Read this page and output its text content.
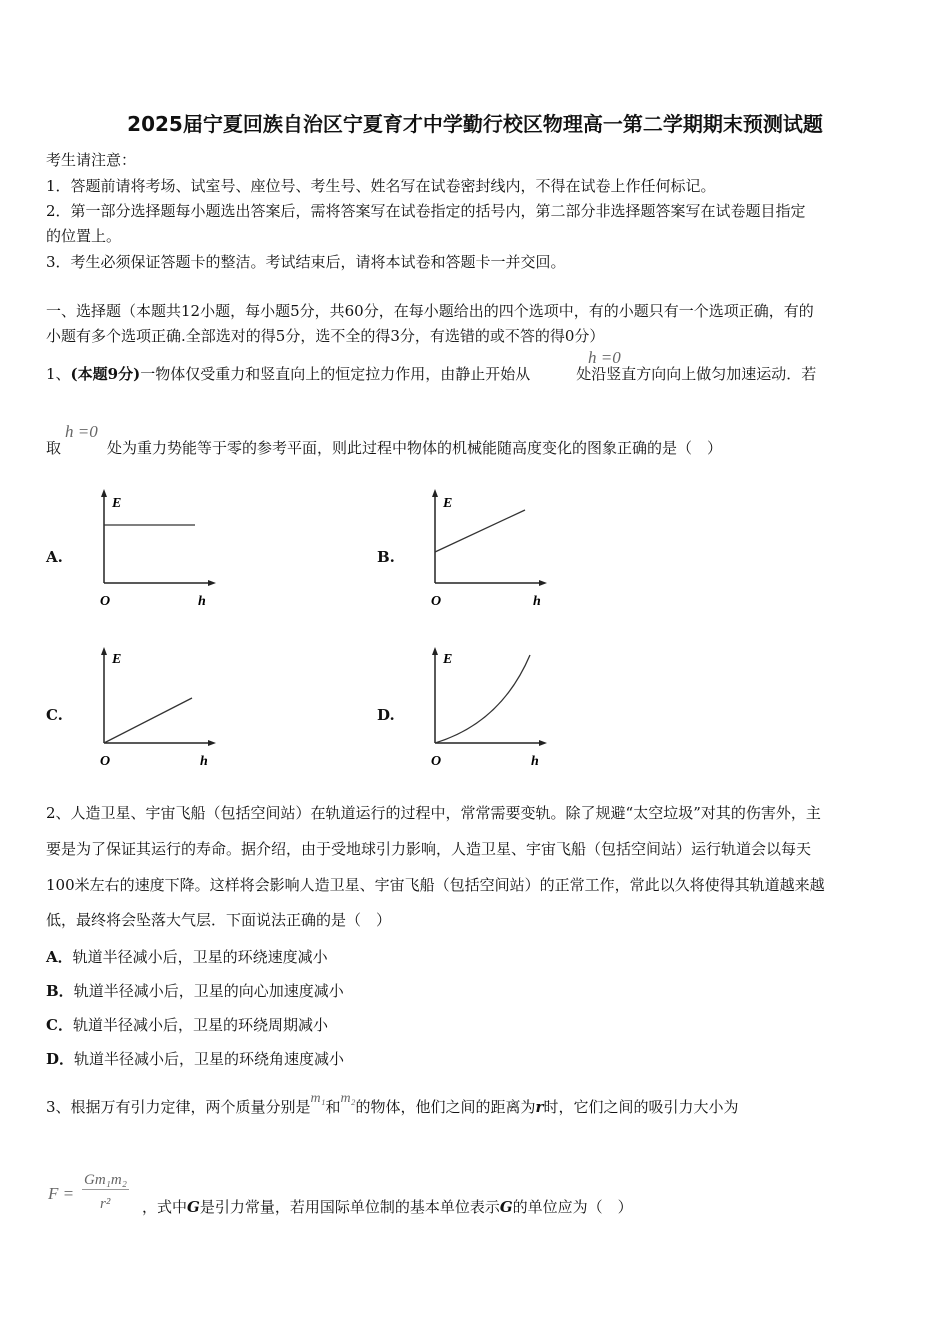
2025届宁夏回族自治区宁夏育才中学勤行校区物理高一第二学期期末预测试题
考生请注意：
1．答题前请将考场、试室号、座位号、考生号、姓名写在试卷密封线内，不得在试卷上作任何标记。
2．第一部分选择题每小题选出答案后，需将答案写在试卷指定的括号内，第二部分非选择题答案写在试卷题目指定
的位置上。
3．考生必须保证答题卡的整洁。考试结束后，请将本试卷和答题卡一并交回。
一、选择题（本题共12小题，每小题5分，共60分，在每小题给出的四个选项中，有的小题只有一个选项正确，有的
小题有多个选项正确.全部选对的得5分，选不全的得3分，有选错的或不答的得0分）
1、(本题9分)一物体仅受重力和竖直向上的恒定拉力作用，由静止开始从	处沿竖直方向向上做匀加速运动．若
h =0
取	处为重力势能等于零的参考平面，则此过程中物体的机械能随高度变化的图象正确的是（　）
h =0
A.
E
O	h
B.
E
O	h
C.
E
O	h
D.
E
O	h
2、人造卫星、宇宙飞船（包括空间站）在轨道运行的过程中，常常需要变轨。除了规避“太空垃圾”对其的伤害外，主
要是为了保证其运行的寿命。据介绍，由于受地球引力影响，人造卫星、宇宙飞船（包括空间站）运行轨道会以每天
100米左右的速度下降。这样将会影响人造卫星、宇宙飞船（包括空间站）的正常工作，常此以久将使得其轨道越来越
低，最终将会坠落大气层．下面说法正确的是（　）
A．轨道半径减小后，卫星的环绕速度减小
B．轨道半径减小后，卫星的向心加速度减小
C．轨道半径减小后，卫星的环绕周期减小
D．轨道半径减小后，卫星的环绕角速度减小
3、根据万有引力定律，两个质量分别是m₁和m₂的物体，他们之间的距离为r时，它们之间的吸引力大小为
F =
Gm₁m₂
r² ，式中G是引力常量，若用国际单位制的基本单位表示G的单位应为（　）
